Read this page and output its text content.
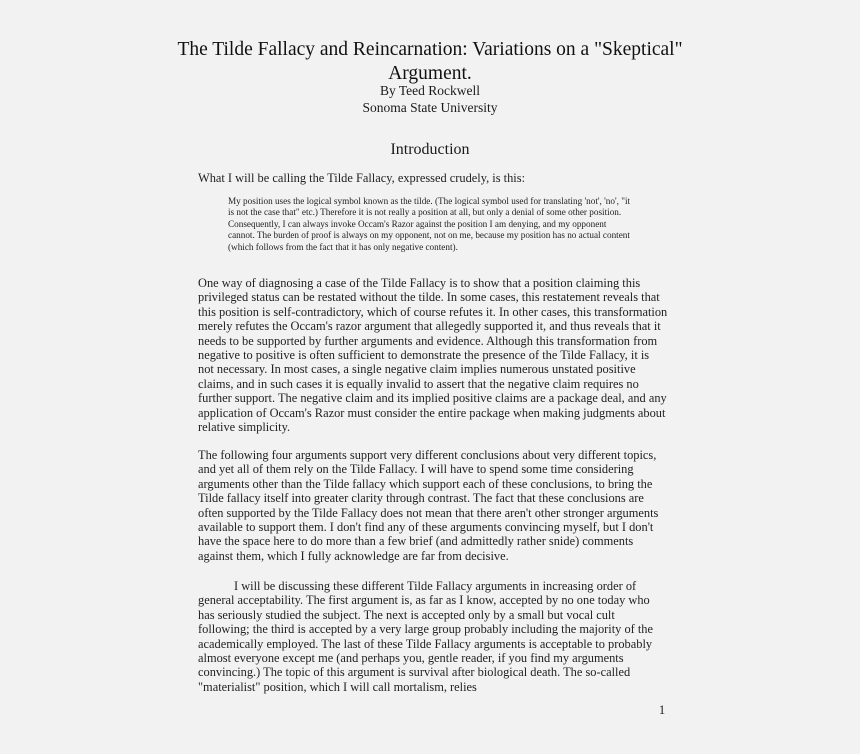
The Tilde Fallacy and Reincarnation: Variations on a "Skeptical" Argument.
By Teed Rockwell
Sonoma State University
Introduction

What I will be calling the Tilde Fallacy, expressed crudely, is this:

My position uses the logical symbol known as the tilde. (The logical symbol used for translating 'not', 'no', "it is not the case that" etc.) Therefore it is not really a position at all, but only a denial of some other position. Consequently, I can always invoke Occam's Razor against the position I am denying, and my opponent cannot. The burden of proof is always on my opponent, not on me, because my position has no actual content (which follows from the fact that it has only negative content).

One way of diagnosing a case of the Tilde Fallacy is to show that a position claiming this privileged status can be restated without the tilde. In some cases, this restatement reveals that this position is self-contradictory, which of course refutes it. In other cases, this transformation merely refutes the Occam's razor argument that allegedly supported it, and thus reveals that it needs to be supported by further arguments and evidence. Although this transformation from negative to positive is often sufficient to demonstrate the presence of the Tilde Fallacy, it is not necessary. In most cases, a single negative claim implies numerous unstated positive claims, and in such cases it is equally invalid to assert that the negative claim requires no further support. The negative claim and its implied positive claims are a package deal, and any application of Occam's Razor must consider the entire package when making judgments about relative simplicity.

The following four arguments support very different conclusions about very different topics, and yet all of them rely on the Tilde Fallacy. I will have to spend some time considering arguments other than the Tilde fallacy which support each of these conclusions, to bring the Tilde fallacy itself into greater clarity through contrast. The fact that these conclusions are often supported by the Tilde Fallacy does not mean that there aren't other stronger arguments available to support them. I don't find any of these arguments convincing myself, but I don't have the space here to do more than a few brief (and admittedly rather snide) comments against them, which I fully acknowledge are far from decisive.

I will be discussing these different Tilde Fallacy arguments in increasing order of general acceptability. The first argument is, as far as I know, accepted by no one today who has seriously studied the subject. The next is accepted only by a small but vocal cult following; the third is accepted by a very large group probably including the majority of the academically employed. The last of these Tilde Fallacy arguments is acceptable to probably almost everyone except me (and perhaps you, gentle reader, if you find my arguments convincing.) The topic of this argument is survival after biological death. The so-called "materialist" position, which I will call mortalism, relies

1
